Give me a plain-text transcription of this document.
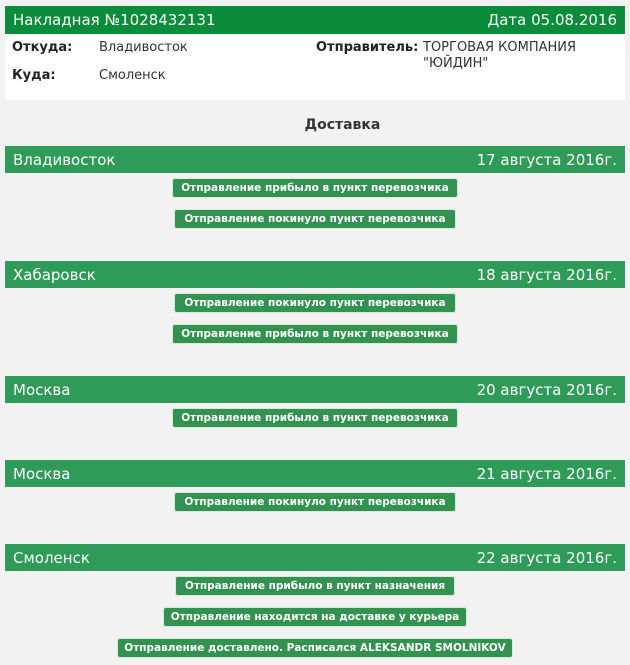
Накладная №1028432131	Дата 05.08.2016
Откуда: Владивосток
Куда:	Смоленск
Отправитель: ТОРГОВАЯ КОМПАНИЯ "ЮЙДИН"
Доставка
Владивосток	17 августа 2016г.
Отправление прибыло в пункт перевозчика
Отправление покинуло пункт перевозчика
Хабаровск	18 августа 2016г.
Отправление покинуло пункт перевозчика
Отправление прибыло в пункт перевозчика
Москва	20 августа 2016г.
Отправление прибыло в пункт перевозчика
Москва	21 августа 2016г.
Отправление покинуло пункт перевозчика
Смоленск	22 августа 2016г.
Отправление прибыло в пункт назначения
Отправление находится на доставке у курьера
Отправление доставлено. Расписался ALEKSANDR SMOLNIKOV
